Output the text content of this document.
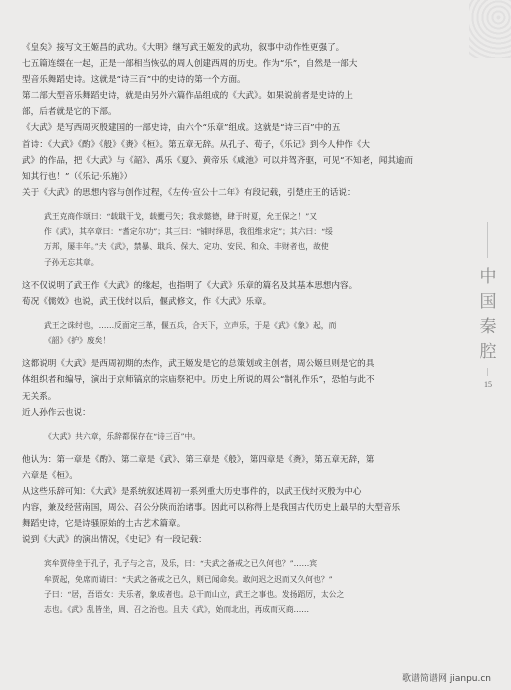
《皇矣》接写文王姬昌的武功。《大明》继写武王姬发的武功，叙事中动作性更强了。

七五篇连缀在一起，正是一部相当恢弘的周人创建西周的历史。作为“乐”，自然是一部大

型音乐舞蹈史诗。这就是“诗三百”中的史诗的第一个方面。

第二部大型音乐舞蹈史诗，就是由另外六篇作品组成的《大武》。如果说前者是史诗的上

部，后者就是它的下部。

《大武》是写西周灭殷建国的一部史诗，由六个“乐章”组成。这就是“诗三百”中的五

首诗：《大武》《酌》《般》《赉》《桓》。第五章无辞。从孔子、荀子，《乐记》到今人仲作《大

武》的作品，把《大武》与《韶》、禹乐《夏》、黄帝乐《咸池》可以并驾齐驱，可见“不知老，闻其逾而

知其行也！”（《乐记·乐施》）

关于《大武》的思想内容与创作过程，《左传·宣公十二年》有段记载，引楚庄王的话说：

武王克商作颂曰：“载戢干戈，载櫜弓矢；我求懿德，肆于时夏，允王保之！”又

作《武》，其卒章曰：“耆定尔功”；其三曰：“铺时绎思，我徂维求定”；其六曰：“绥

万邦，屡丰年。”夫《武》，禁暴、戢兵、保大、定功、安民、和众、丰财者也，故使

子孙无忘其章。

这不仅说明了武王作《大武》的缘起，也指明了《大武》乐章的篇名及其基本思想内容。

荀况《儒效》也说，武王伐纣以后，偃武修文，作《大武》乐章。

武王之诛纣也，……反面定三革，偃五兵，合天下，立声乐，于是《武》《象》起，而

《韶》《护》废矣！

这都说明《大武》是西周初期的杰作，武王姬发是它的总策划或主创者，周公姬旦则是它的具

体组织者和编导，演出于京师镐京的宗庙祭祀中。历史上所说的周公“制礼作乐”，恐怕与此不

无关系。

近人孙作云也说：

《大武》共六章，乐辞都保存在“诗三百”中。

他认为：第一章是《酌》、第二章是《武》、第三章是《般》，第四章是《赉》，第五章无辞，第

六章是《桓》。

从这些乐辞可知：《大武》是系统叙述周初一系列重大历史事件的，以武王伐纣灭殷为中心

内容，兼及经营南国，周公、召公分陕而治诸事。因此可以称得上是我国古代历史上最早的大型音乐

舞蹈史诗，它是诗骚原始的土古艺术篇章。

说到《大武》的演出情况，《史记》有一段记载：

宾牟贾侍坐于孔子，孔子与之言，及乐，曰：“夫武之备戒之已久何也？”……宾

牟贾起，免席而请曰：“夫武之备戒之已久，则已闻命矣。敢问迟之迟而又久何也？”

子曰：“居，吾语女：夫乐者，象成者也。总干而山立，武王之事也。发扬蹈厉，太公之

志也。《武》乱皆坐，周、召之治也。且夫《武》，始而北出，再成而灭商……

中
国
秦
腔
15
歌谱简谱网 jianpu.cn
